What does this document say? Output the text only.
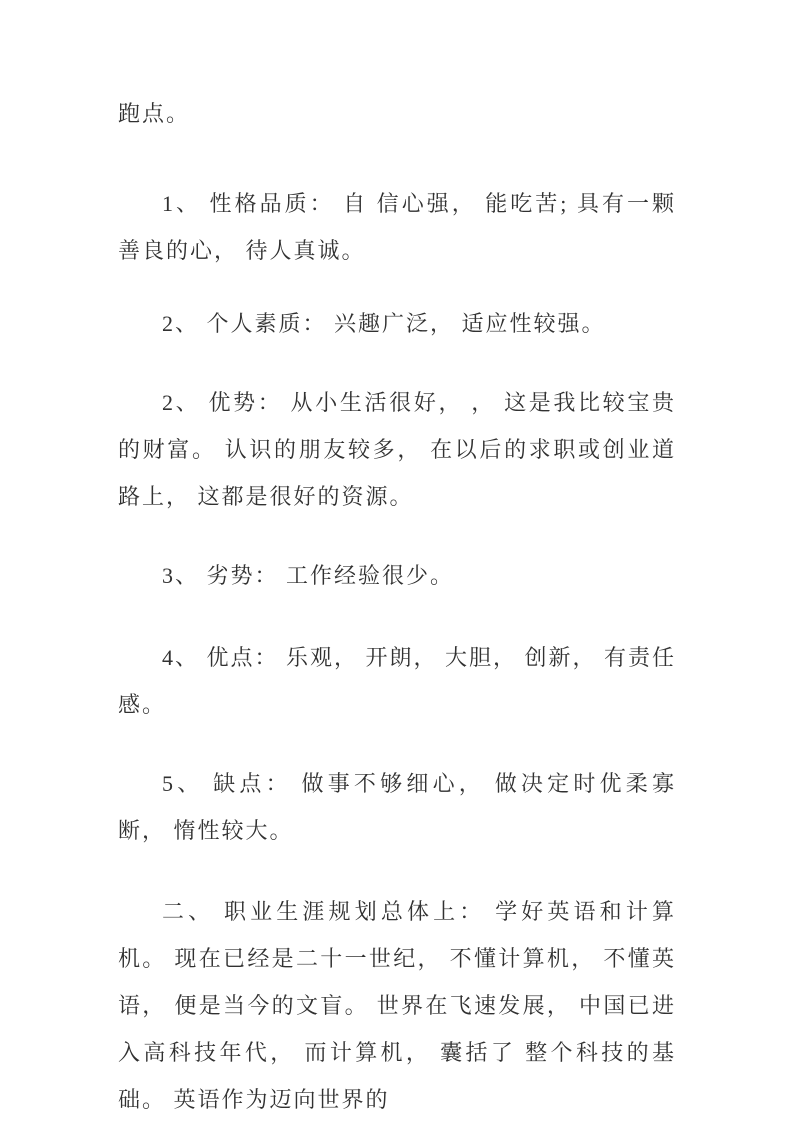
跑点。

1、 性格品质： 自 信心强， 能吃苦; 具有一颗善良的心， 待人真诚。

2、 个人素质： 兴趣广泛， 适应性较强。

2、 优势： 从小生活很好， ， 这是我比较宝贵的财富。 认识的朋友较多， 在以后的求职或创业道路上， 这都是很好的资源。

3、 劣势： 工作经验很少。

4、 优点： 乐观， 开朗， 大胆， 创新， 有责任感。

5、 缺点： 做事不够细心， 做决定时优柔寡断， 惰性较大。

二、 职业生涯规划总体上： 学好英语和计算机。 现在已经是二十一世纪， 不懂计算机， 不懂英语， 便是当今的文盲。 世界在飞速发展， 中国已进入高科技年代， 而计算机， 囊括了 整个科技的基础。 英语作为迈向世界的
